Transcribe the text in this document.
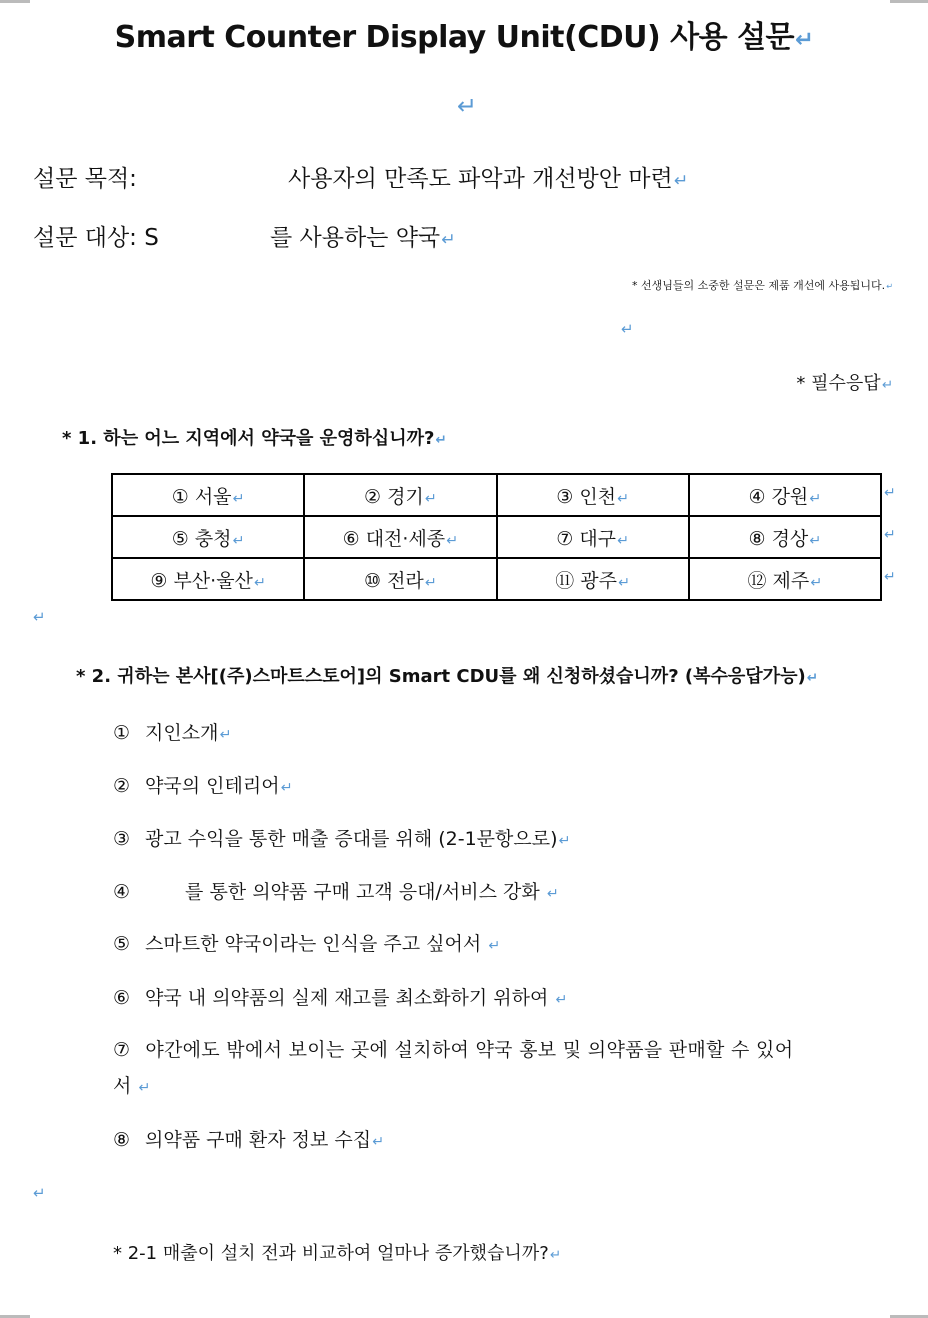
Smart Counter Display Unit(CDU) 사용 설문↵
↵
설문 목적:	사용자의 만족도 파악과 개선방안 마련↵
설문 대상: S	를 사용하는 약국↵
* 선생님들의 소중한 설문은 제품 개선에 사용됩니다.↵
↵
* 필수응답↵
* 1. 하는 어느 지역에서 약국을 운영하십니까?↵
① 서울↵	② 경기↵	③ 인천↵	④ 강원↵
⑤ 충청↵	⑥ 대전·세종↵	⑦ 대구↵	⑧ 경상↵
⑨ 부산·울산↵	⑩ 전라↵	⑪ 광주↵	⑫ 제주↵
↵
↵
↵
↵
* 2. 귀하는 본사[(주)스마트스토어]의 Smart CDU를 왜 신청하셨습니까? (복수응답가능)↵
① 지인소개↵
② 약국의 인테리어↵
③ 광고 수익을 통한 매출 증대를 위해 (2-1문항으로)↵
④	를 통한 의약품 구매 고객 응대/서비스 강화 ↵
⑤ 스마트한 약국이라는 인식을 주고 싶어서 ↵
⑥ 약국 내 의약품의 실제 재고를 최소화하기 위하여 ↵
⑦ 야간에도 밖에서 보이는 곳에 설치하여 약국 홍보 및 의약품을 판매할 수 있어
서 ↵
⑧ 의약품 구매 환자 정보 수집↵
↵
* 2-1 매출이 설치 전과 비교하여 얼마나 증가했습니까?↵
